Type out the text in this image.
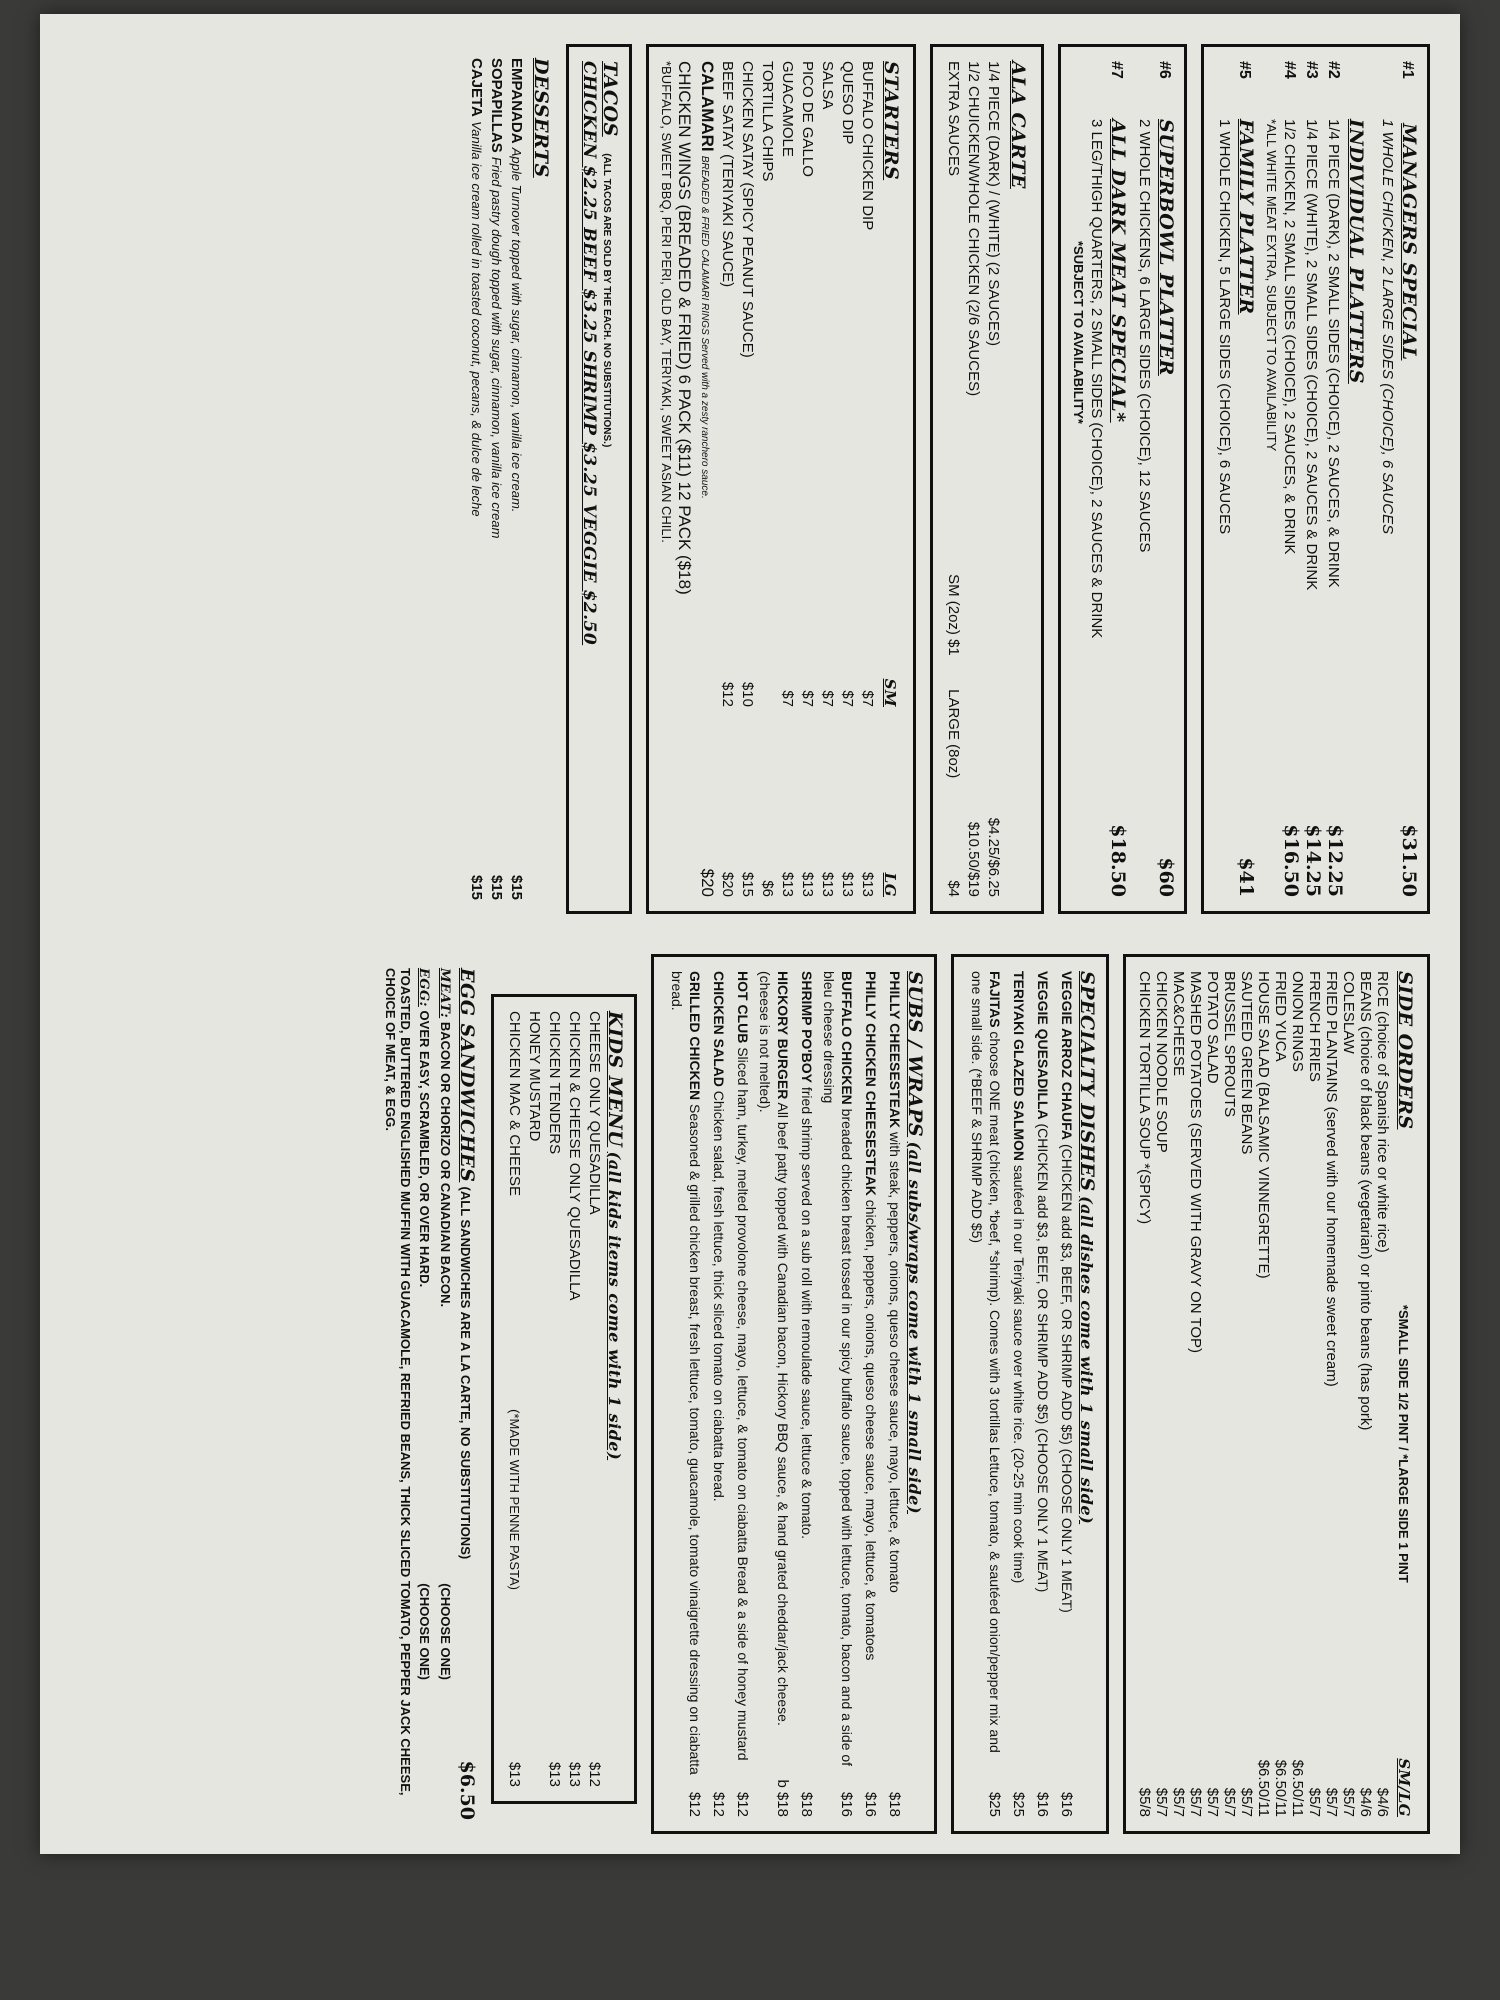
#1 MANAGERS SPECIAL
$31.50
1 WHOLE CHICKEN, 2 LARGE SIDES (CHOICE), 6 SAUCES
INDIVIDUAL PLATTERS
#21/4 PIECE (DARK), 2 SMALL SIDES (CHOICE), 2 SAUCES, & DRINK
$12.25
#31/4 PIECE (WHITE), 2 SMALL SIDES (CHOICE), 2 SAUCES & DRINK
$14.25
#41/2 CHICKEN, 2 SMALL SIDES (CHOICE), 2 SAUCES, & DRINK
$16.50
*ALL WHITE MEAT EXTRA, SUBJECT TO AVAILABILITY
#5FAMILY PLATTER
$41
1 WHOLE CHICKEN, 5 LARGE SIDES (CHOICE), 6 SAUCES
#6SUPERBOWL PLATTER
$60
2 WHOLE CHICKENS, 6 LARGE SIDES (CHOICE), 12 SAUCES
#7ALL DARK MEAT SPECIAL*
$18.50
3 LEG/THIGH QUARTERS, 2 SMALL SIDES (CHOICE), 2 SAUCES & DRINK
*SUBJECT TO AVAILABILITY*
ALA CARTE
1/4 PIECE (DARK) / (WHITE) (2 SAUCES)
$4.25/$6.25
1/2 CHUICKEN/WHOLE CHICKEN (2/6 SAUCES)
$10.50/$19
EXTRA SAUCES
SM (2oz) $1        LARGE (8oz)
$4
STARTERS
SM
LG
BUFFALO CHICKEN DIP
$7
$13
QUESO DIP
$7
$13
SALSA
$7
$13
PICO DE GALLO
$7
$13
GUACAMOLE
$7
$13
TORTILLA CHIPS
$6
CHICKEN SATAY (SPICY PEANUT SAUCE)
$10
$15
BEEF SATAY (TERIYAKI SAUCE)
$12
$20
CALAMARI BREADED & FRIED CALAMARI RINGS Served with a zesty ranchero sauce.
$20
CHICKEN WINGS (BREADED & FRIED) 6 PACK ($11) 12 PACK ($18)
*BUFFALO, SWEET BBQ, PERI PERI, OLD BAY, TERIYAKI, SWEET ASIAN CHILI.
TACOS (ALL TACOS ARE SOLD BY THE EACH. NO SUBSTITUTIONS.)
CHICKEN $2.25 BEEF $3.25 SHRIMP $3.25 VEGGIE $2.50
DESSERTS
EMPANADA Apple Turnover topped with sugar, cinnamon, vanilla ice cream.
$15
SOPAPILLAS Fried pastry dough topped with sugar, cinnamon, vanilla ice cream
$15
CAJETA Vanilla ice cream rolled in toasted coconut, pecans, & dulce de leche
$15
SIDE ORDERS
*SMALL SIDE 1/2 PINT / *LARGE SIDE 1 PINT
SM/LG
RICE (choice of Spanish rice or white rice)
$4/6
BEANS (choice of black beans (vegetarian) or pinto beans (has pork)
$4/6
COLESLAW
$5/7
FRIED PLANTAINS (served with our homemade sweet cream)
$5/7
FRENCH FRIES
$5/7
ONION RINGS
$6.50/11
FRIED YUCA
$6.50/11
HOUSE SALAD (BALSAMIC VINNEGRETTE)
$6.50/11
SAUTEED GREEN BEANS
$5/7
BRUSSEL SPROUTS
$5/7
POTATO SALAD
$5/7
MASHED POTATOES (SERVED WITH GRAVY ON TOP)
$5/7
MAC&CHEESE
$5/7
CHICKEN NOODLE SOUP
$5/7
CHICKEN TORTILLA SOUP *(SPICY)
$5/8
SPECIALTY DISHES (all dishes come with 1 small side)
VEGGIE ARROZ CHAUFA (CHICKEN add $3, BEEF, OR SHRIMP ADD $5) (CHOOSE ONLY 1 MEAT)
$16
VEGGIE QUESADILLA (CHICKEN add $3, BEEF, OR SHRIMP ADD $5) (CHOOSE ONLY 1 MEAT)
$16
TERIYAKI GLAZED SALMON sautéed in our Teriyaki sauce over white rice. (20-25 min cook time)
$25
FAJITAS choose ONE meat (chicken, *beef, *shrimp). Comes with 3 tortillas Lettuce, tomato, & sautéed onion/pepper mix and one small side. (*BEEF & SHRIMP ADD $5)
$25
SUBS / WRAPS (all subs/wraps come with 1 small side)
PHILLY CHEESESTEAK with steak, peppers, onions, queso cheese sauce, mayo, lettuce, & tomato
$18
PHILLY CHICKEN CHEESESTEAK chicken, peppers, onions, queso cheese sauce, mayo, lettuce, & tomatoes
$16
BUFFALO CHICKEN breaded chicken breast tossed in our spicy buffalo sauce, topped with lettuce, tomato, bacon and a side of bleu cheese dressing
$16
SHRIMP PO'BOY fried shrimp served on a sub roll with remoulade sauce, lettuce & tomato.
$18
HICKORY BURGER All beef patty topped with Canadian bacon, Hickory BBQ sauce, & hand grated cheddar/jack cheese. (cheese is not melted).
b $18
HOT CLUB Sliced ham, turkey, melted provolone cheese, mayo, lettuce, & tomato on ciabatta Bread & a side of honey mustard
$12
CHICKEN SALAD Chicken salad, fresh lettuce, thick sliced tomato on ciabatta bread.
$12
GRILLED CHICKEN Seasoned & grilled chicken breast, fresh lettuce, tomato, guacamole, tomato vinaigrette dressing on ciabatta bread.
$12
KIDS MENU (all kids items come with 1 side)
CHEESE ONLY QUESADILLA
$12
CHICKEN & CHEESE ONLY QUESADILLA
$13
CHICKEN TENDERS
$13
HONEY MUSTARD
CHICKEN MAC & CHEESE
(*MADE WITH PENNE PASTA)
$13
EGG SANDWICHES (ALL SANDWICHES ARE A LA CARTE, NO SUBSTITUTIONS)
$6.50
MEAT: BACON OR CHORIZO OR CANADIAN BACON.
(CHOOSE ONE)
EGG: OVER EASY, SCRAMBLED, OR OVER HARD.
(CHOOSE ONE)
TOASTED, BUTTERED ENGLISHED MUFFIN WITH GUACAMOLE, REFRIED BEANS, THICK SLICED TOMATO, PEPPER JACK CHEESE, CHOICE OF MEAT, & EGG.
